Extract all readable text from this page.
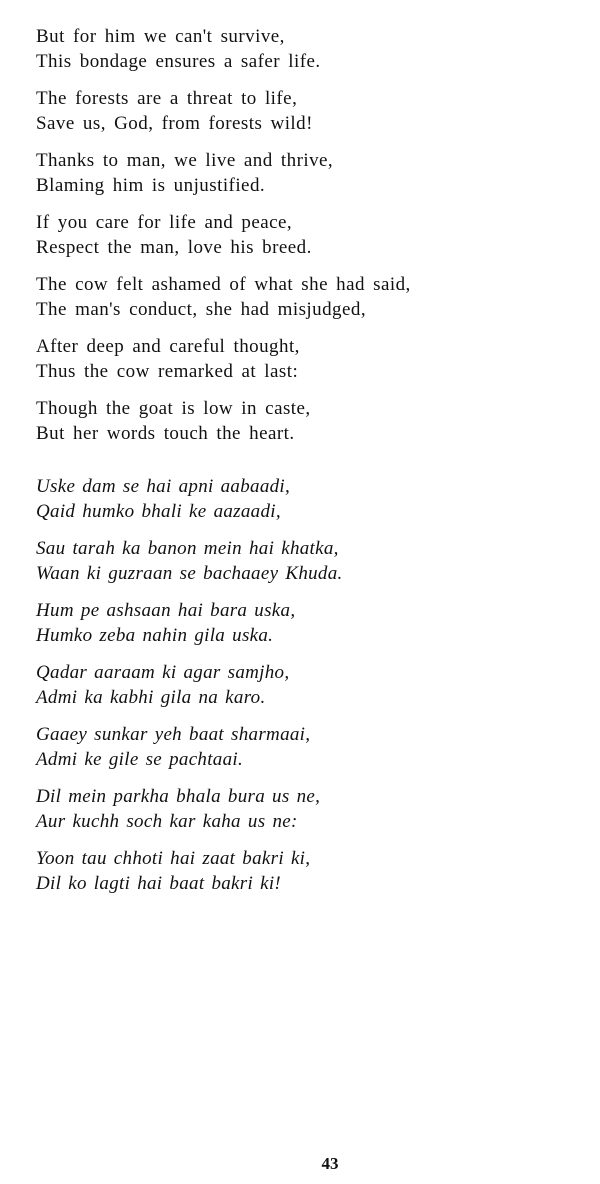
But for him we can't survive,
This bondage ensures a safer life.
The forests are a threat to life,
Save us, God, from forests wild!
Thanks to man, we live and thrive,
Blaming him is unjustified.
If you care for life and peace,
Respect the man, love his breed.
The cow felt ashamed of what she had said,
The man's conduct, she had misjudged,
After deep and careful thought,
Thus the cow remarked at last:
Though the goat is low in caste,
But her words touch the heart.
Uske dam se hai apni aabaadi,
Qaid humko bhali ke aazaadi,
Sau tarah ka banon mein hai khatka,
Waan ki guzraan se bachaaey Khuda.
Hum pe ashsaan hai bara uska,
Humko zeba nahin gila uska.
Qadar aaraam ki agar samjho,
Admi ka kabhi gila na karo.
Gaaey sunkar yeh baat sharmaai,
Admi ke gile se pachtaai.
Dil mein parkha bhala bura us ne,
Aur kuchh soch kar kaha us ne:
Yoon tau chhoti hai zaat bakri ki,
Dil ko lagti hai baat bakri ki!
43
